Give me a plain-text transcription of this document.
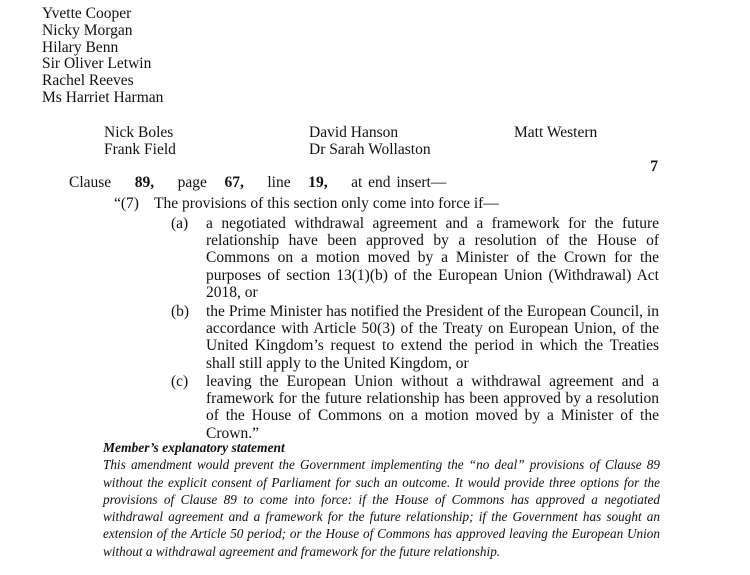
Yvette Cooper
Nicky Morgan
Hilary Benn
Sir Oliver Letwin
Rachel Reeves
Ms Harriet Harman
Nick Boles
Frank Field
David Hanson
Dr Sarah Wollaston
Matt Western
7
Clause 89, page 67, line 19, at end insert—
“(7) The provisions of this section only come into force if—
(a) a negotiated withdrawal agreement and a framework for the future relationship have been approved by a resolution of the House of Commons on a motion moved by a Minister of the Crown for the purposes of section 13(1)(b) of the European Union (Withdrawal) Act 2018, or
(b) the Prime Minister has notified the President of the European Council, in accordance with Article 50(3) of the Treaty on European Union, of the United Kingdom’s request to extend the period in which the Treaties shall still apply to the United Kingdom, or
(c) leaving the European Union without a withdrawal agreement and a framework for the future relationship has been approved by a resolution of the House of Commons on a motion moved by a Minister of the Crown.”
Member’s explanatory statement
This amendment would prevent the Government implementing the “no deal” provisions of Clause 89 without the explicit consent of Parliament for such an outcome. It would provide three options for the provisions of Clause 89 to come into force: if the House of Commons has approved a negotiated withdrawal agreement and a framework for the future relationship; if the Government has sought an extension of the Article 50 period; or the House of Commons has approved leaving the European Union without a withdrawal agreement and framework for the future relationship.
